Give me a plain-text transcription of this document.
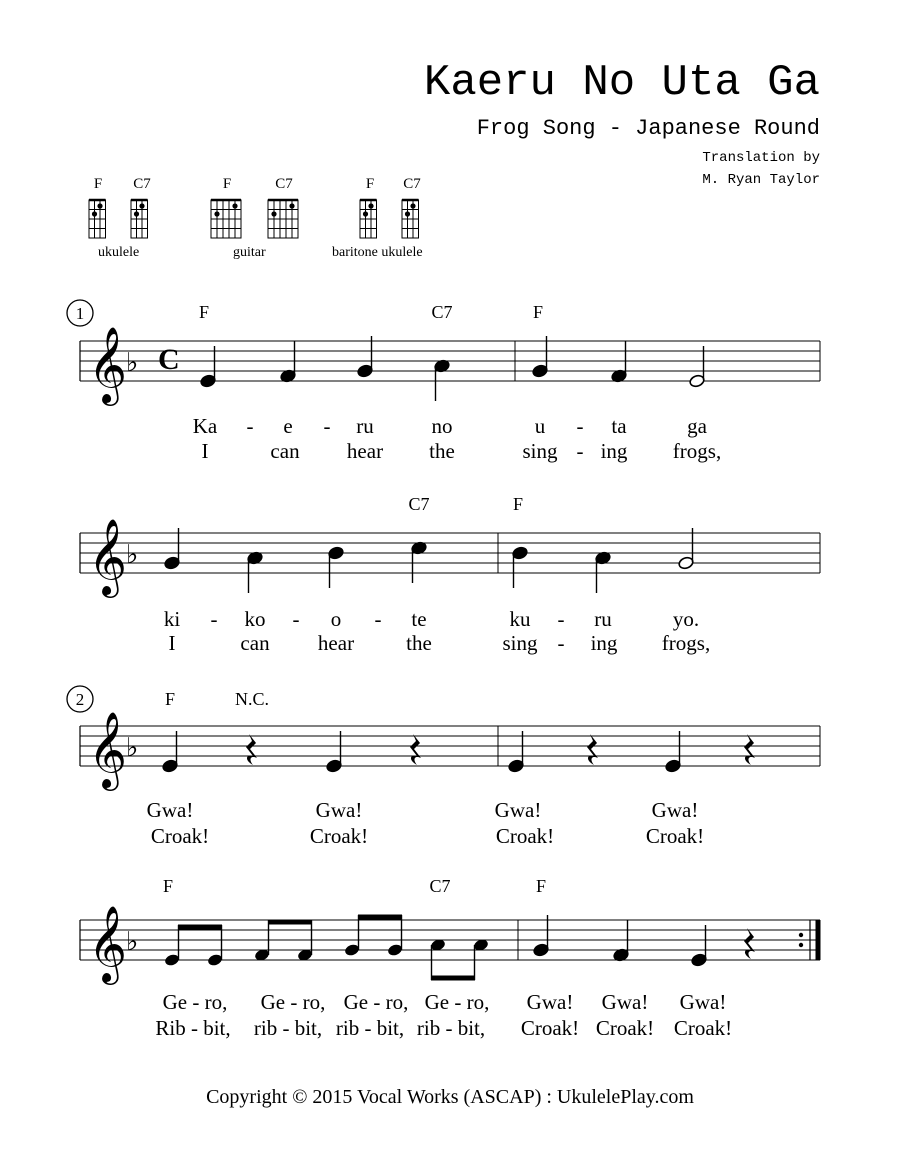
Kaeru No Uta Ga
Frog Song - Japanese Round
Translation by
M. Ryan Taylor
ukulele	guitar	baritone ukulele
F C7	F	C7	F C7
𝄞
♭
𝄞
♭
𝄞
♭
𝄞
♭
C
1
2
F	C7	F
C7	F
F	N.C.
F	C7	F
Ka - e - ru	no	u - ta	ga
I	can hear the	sing - ing frogs,
ki - ko - o - te	ku - ru	yo.
I	can hear the	sing - ing frogs,
Gwa!	Gwa!	Gwa!	Gwa!
Croak!	Croak!	Croak!	Croak!
Ge - ro, Ge - ro, Ge - ro, Ge - ro, Gwa! Gwa! Gwa!
Rib - bit, rib - bit, rib - bit, rib - bit, Croak! Croak! Croak!
Copyright © 2015 Vocal Works (ASCAP) : UkulelePlay.com
